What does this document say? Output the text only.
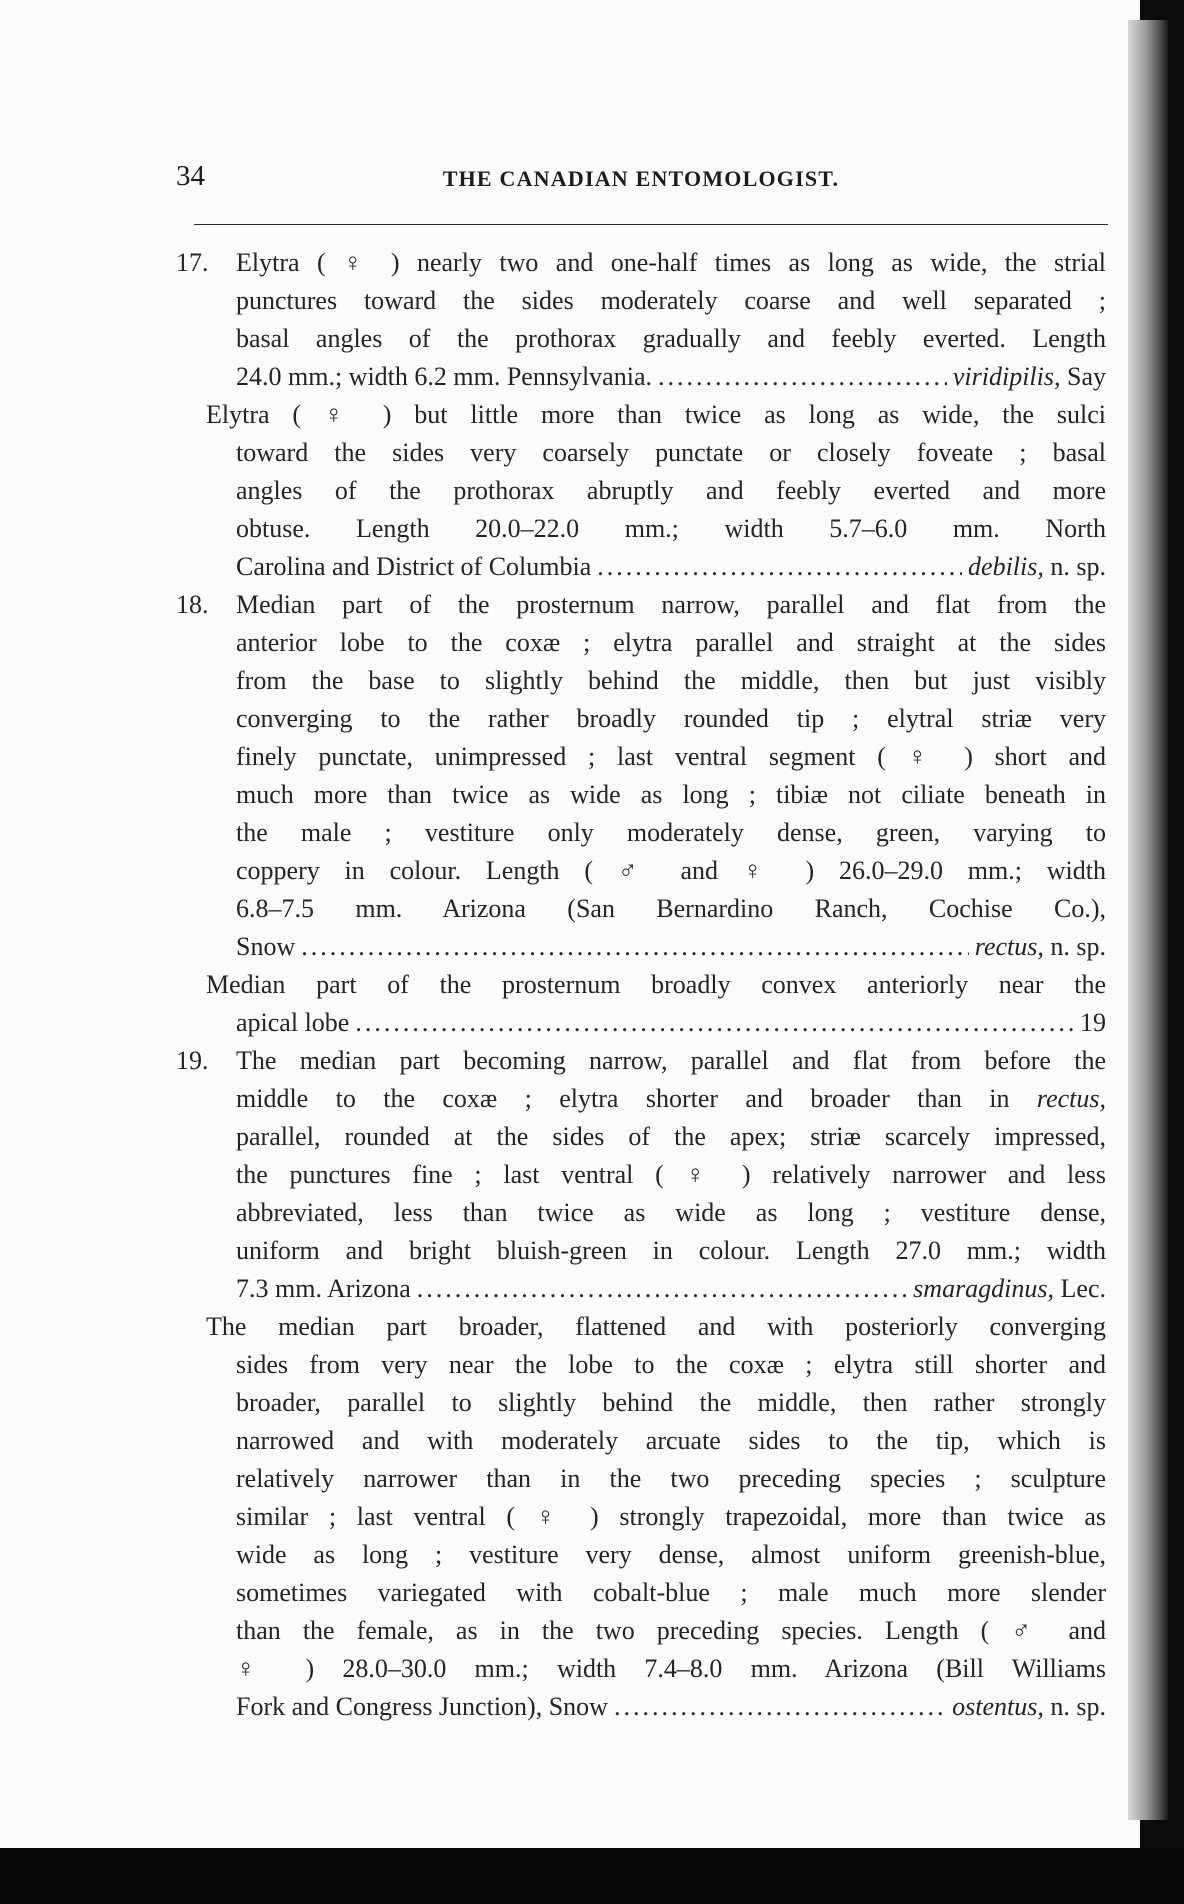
34	THE CANADIAN ENTOMOLOGIST.
17. Elytra ( ♀ ) nearly two and one-half times as long as wide, the strial
punctures toward the sides moderately coarse and well separated ;
basal angles of the prothorax gradually and feebly everted. Length
24.0 mm.; width 6.2 mm. Pennsylvania. .....	viridipilis,
Say
Elytra ( ♀ ) but little more than twice as long as wide, the sulci
toward the sides very coarsely punctate or closely foveate ; basal
angles of the prothorax abruptly and feebly everted and more
obtuse. Length 20.0–22.0 mm.; width 5.7–6.0 mm. North
Carolina and District of Columbia .....	debilis,
n. sp.
18. Median part of the prosternum narrow, parallel and flat from the
anterior lobe to the coxæ ; elytra parallel and straight at the sides
from the base to slightly behind the middle, then but just visibly
converging to the rather broadly rounded tip ; elytral striæ very
finely punctate, unimpressed ; last ventral segment ( ♀ ) short and
much more than twice as wide as long ; tibiæ not ciliate beneath in
the male ; vestiture only moderately dense, green, varying to
coppery in colour. Length ( ♂ and ♀ ) 26.0–29.0 mm.; width
6.8–7.5 mm. Arizona (San Bernardino Ranch, Cochise Co.),
Snow .....	rectus,
n. sp.
Median part of the prosternum broadly convex anteriorly near the
apical lobe .....	19
19. The median part becoming narrow, parallel and flat from before the
middle to the coxæ ; elytra shorter and broader than in rectus,
parallel, rounded at the sides of the apex; striæ scarcely impressed,
the punctures fine ; last ventral ( ♀ ) relatively narrower and less
abbreviated, less than twice as wide as long ; vestiture dense,
uniform and bright bluish-green in colour. Length 27.0 mm.; width
7.3 mm. Arizona .....	smaragdinus,
Lec.
The median part broader, flattened and with posteriorly converging
sides from very near the lobe to the coxæ ; elytra still shorter and
broader, parallel to slightly behind the middle, then rather strongly
narrowed and with moderately arcuate sides to the tip, which is
relatively narrower than in the two preceding species ; sculpture
similar ; last ventral ( ♀ ) strongly trapezoidal, more than twice as
wide as long ; vestiture very dense, almost uniform greenish-blue,
sometimes variegated with cobalt-blue ; male much more slender
than the female, as in the two preceding species. Length ( ♂ and
♀ ) 28.0–30.0 mm.; width 7.4–8.0 mm. Arizona (Bill Williams
Fork and Congress Junction), Snow .....	ostentus,
n. sp.
